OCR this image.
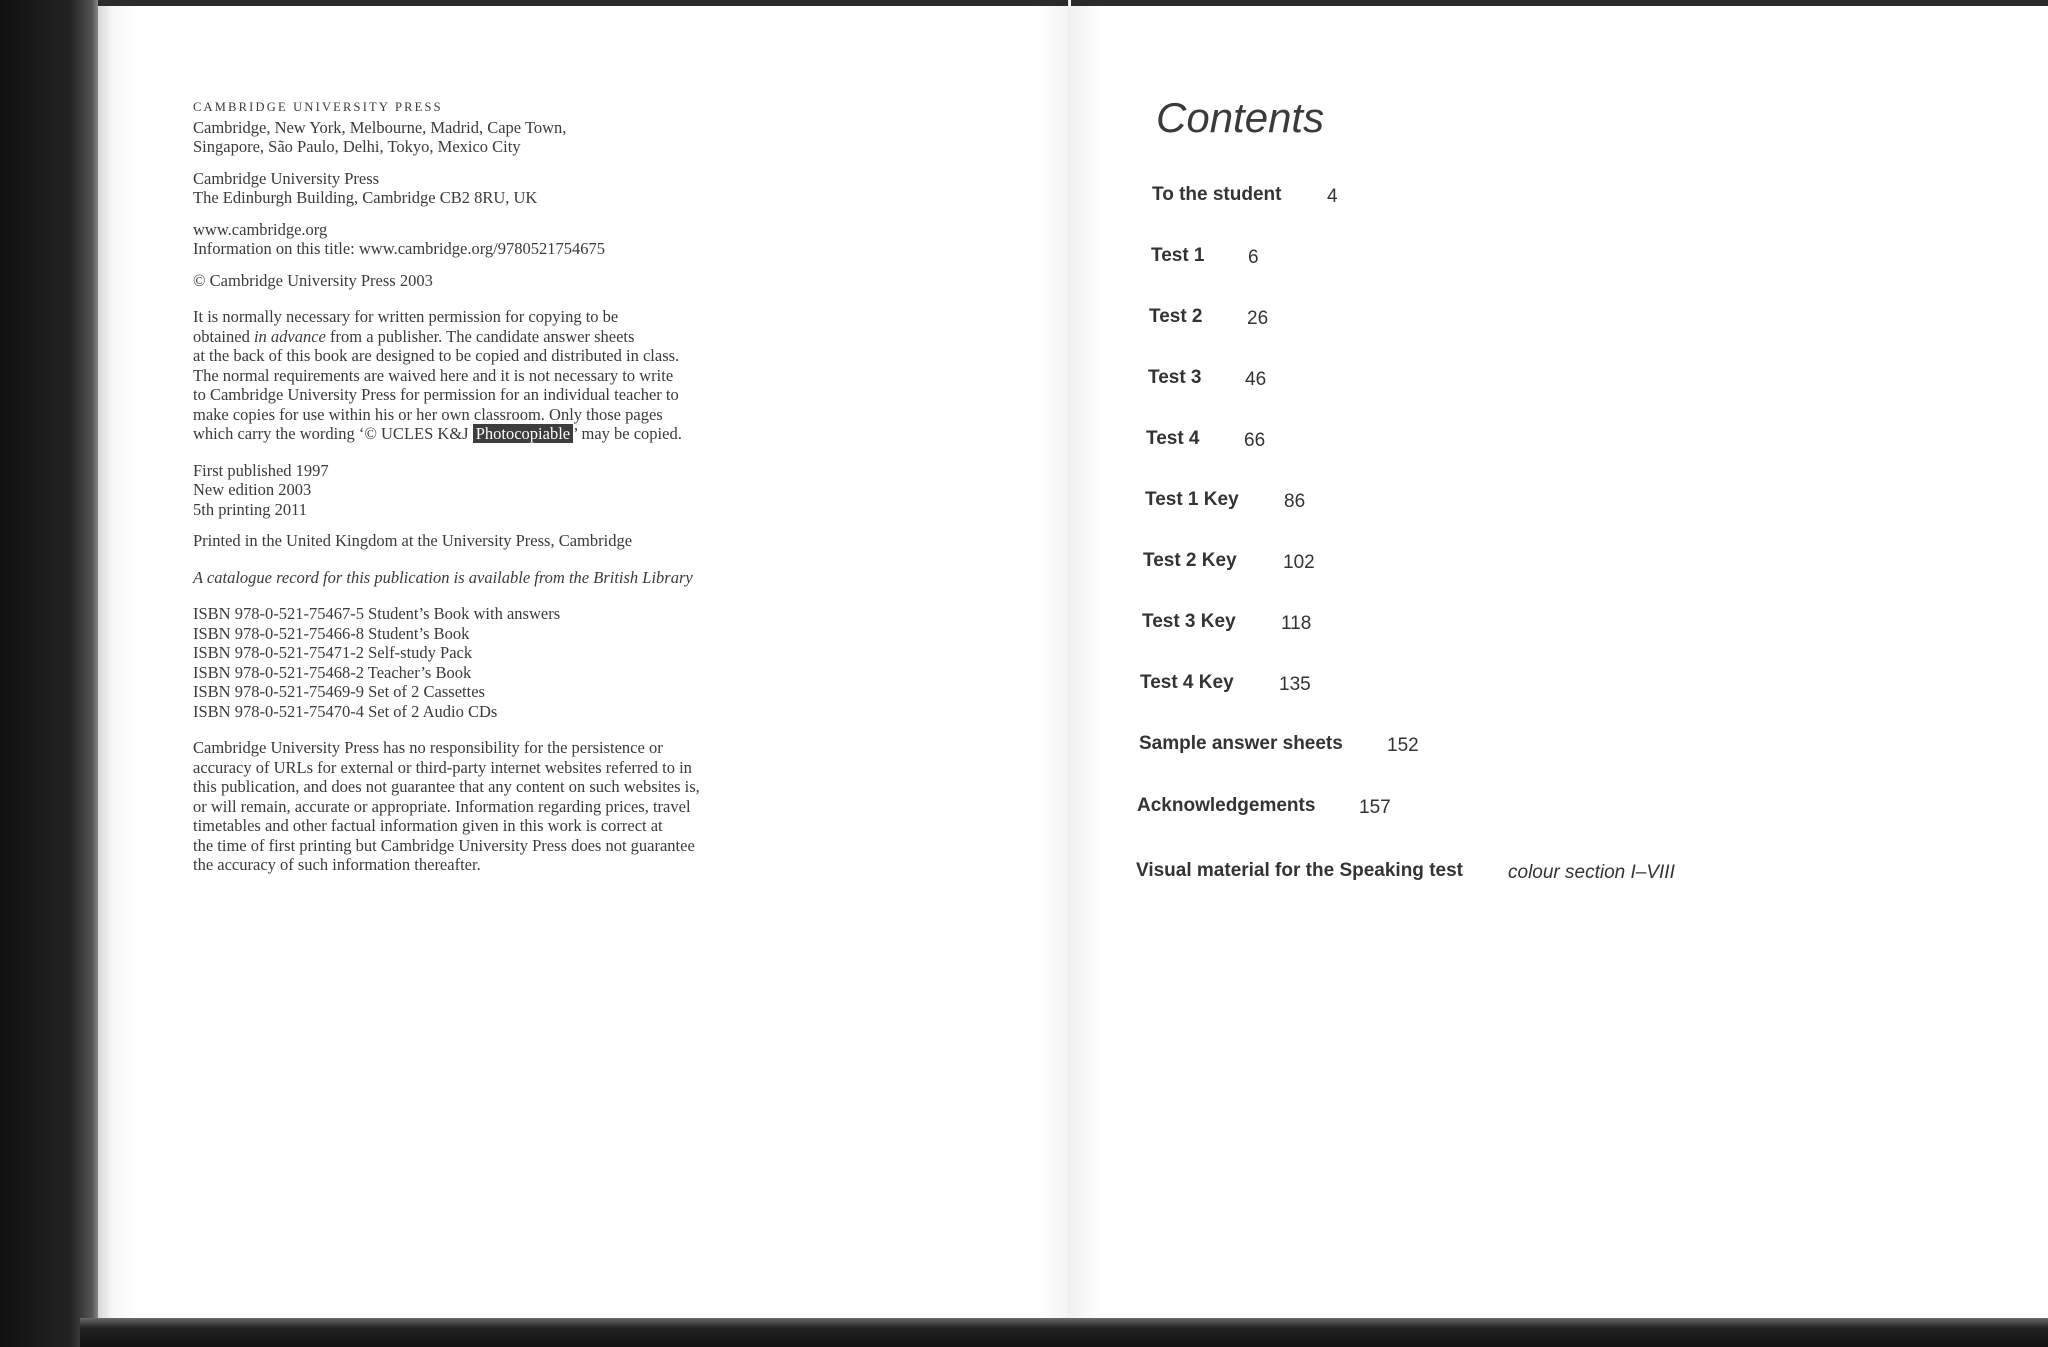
CAMBRIDGE UNIVERSITY PRESS

Cambridge, New York, Melbourne, Madrid, Cape Town,
Singapore, São Paulo, Delhi, Tokyo, Mexico City

Cambridge University Press
The Edinburgh Building, Cambridge CB2 8RU, UK

www.cambridge.org
Information on this title: www.cambridge.org/9780521754675

© Cambridge University Press 2003

It is normally necessary for written permission for copying to be
obtained in advance from a publisher. The candidate answer sheets
at the back of this book are designed to be copied and distributed in class.
The normal requirements are waived here and it is not necessary to write
to Cambridge University Press for permission for an individual teacher to
make copies for use within his or her own classroom. Only those pages
which carry the wording ‘© UCLES K&J Photocopiable ’ may be copied.

First published 1997
New edition 2003
5th printing 2011

Printed in the United Kingdom at the University Press, Cambridge

A catalogue record for this publication is available from the British Library

ISBN 978-0-521-75467-5 Student’s Book with answers
ISBN 978-0-521-75466-8 Student’s Book
ISBN 978-0-521-75471-2 Self-study Pack
ISBN 978-0-521-75468-2 Teacher’s Book
ISBN 978-0-521-75469-9 Set of 2 Cassettes
ISBN 978-0-521-75470-4 Set of 2 Audio CDs

Cambridge University Press has no responsibility for the persistence or
accuracy of URLs for external or third-party internet websites referred to in
this publication, and does not guarantee that any content on such websites is,
or will remain, accurate or appropriate. Information regarding prices, travel
timetables and other factual information given in this work is correct at
the time of first printing but Cambridge University Press does not guarantee
the accuracy of such information thereafter.

Contents
To the student 4
Test 1 6
Test 2 26
Test 3 46
Test 4 66
Test 1 Key 86
Test 2 Key 102
Test 3 Key 118
Test 4 Key 135
Sample answer sheets 152
Acknowledgements 157
Visual material for the Speaking test colour section I–VIII
